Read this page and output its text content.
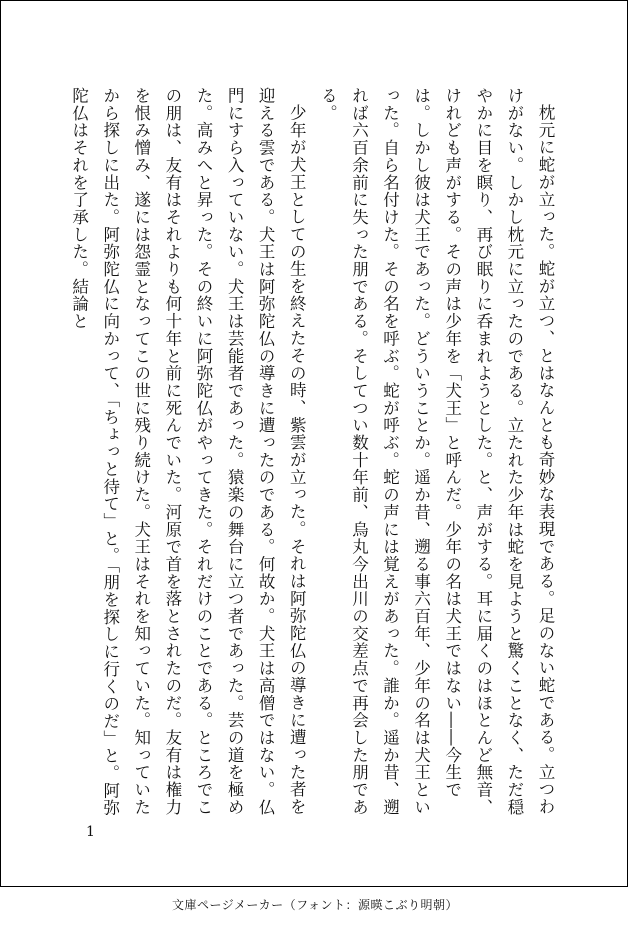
枕元に蛇が立った。蛇が立つ、とはなんとも奇妙な表現である。足のない蛇である。立つわけがない。しかし枕元に立ったのである。立たれた少年は蛇を見ようと驚くことなく、ただ穏やかに目を瞑り、再び眠りに呑まれようとした。と、声がする。耳に届くのはほとんど無音、けれども声がする。その声は少年を「犬王」と呼んだ。少年の名は犬王ではない――今生では。しかし彼は犬王であった。どういうことか。遥か昔、遡る事六百年、少年の名は犬王といった。自ら名付けた。その名を呼ぶ。蛇が呼ぶ。蛇の声には覚えがあった。誰か。遥か昔、遡れば六百余前に失った朋である。そしてつい数十年前、烏丸今出川の交差点で再会した朋である。

少年が犬王としての生を終えたその時、紫雲が立った。それは阿弥陀仏の導きに遭った者を迎える雲である。犬王は阿弥陀仏の導きに遭ったのである。何故か。犬王は高僧ではない。仏門にすら入っていない。犬王は芸能者であった。猿楽の舞台に立つ者であった。芸の道を極めた。高みへと昇った。その終いに阿弥陀仏がやってきた。それだけのことである。ところでこの朋は、友有はそれよりも何十年と前に死んでいた。河原で首を落とされたのだ。友有は権力を恨み憎み、遂には怨霊となってこの世に残り続けた。犬王はそれを知っていた。知っていたから探しに出た。阿弥陀仏に向かって、「ちょっと待て」と。「朋を探しに行くのだ」と。阿弥陀仏はそれを了承した。結論と

1
文庫ページメーカー（フォント：源暎こぶり明朝）
